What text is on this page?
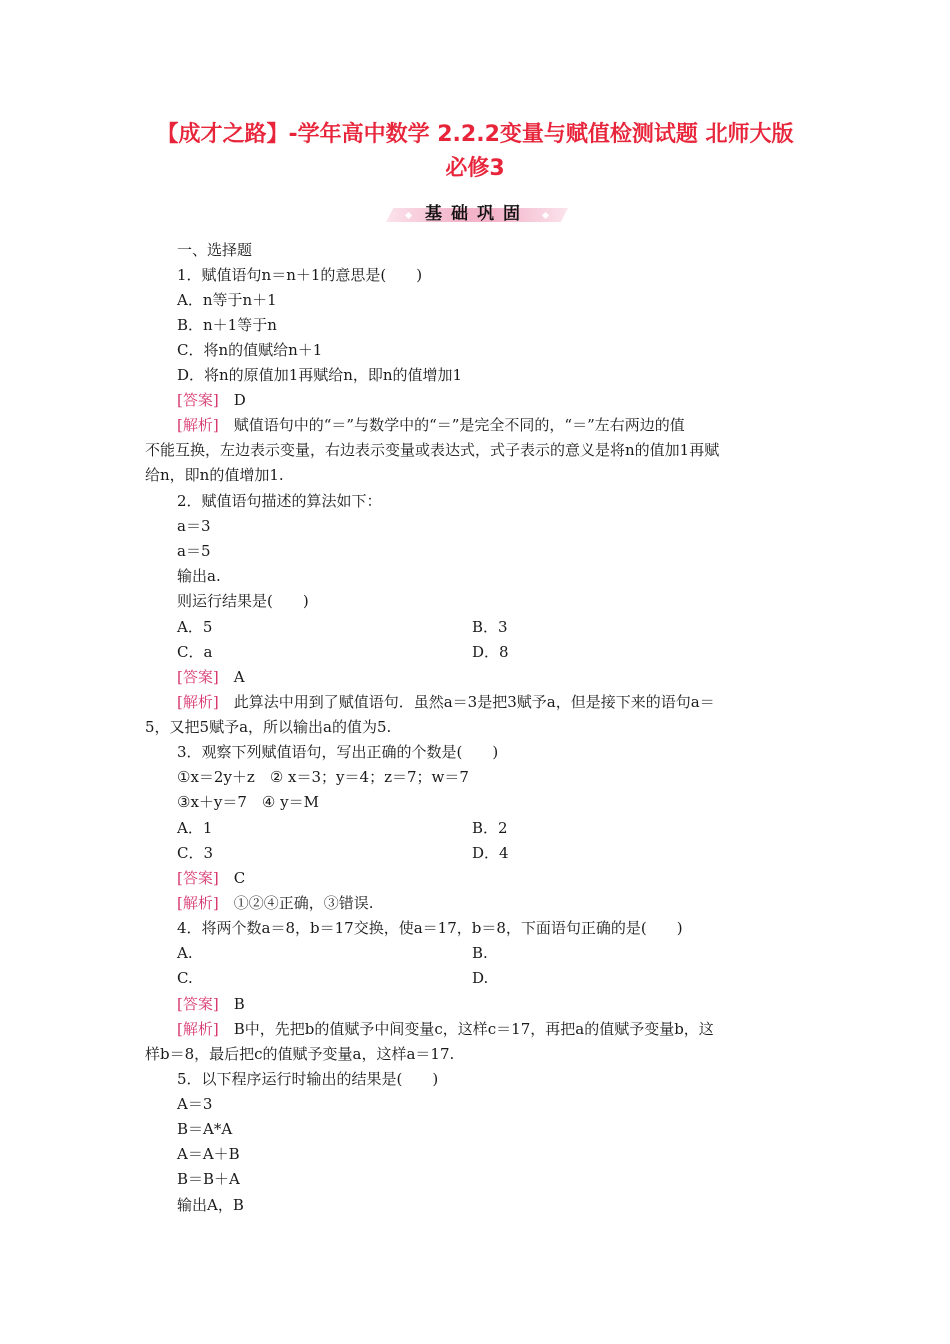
【成才之路】-学年高中数学 2.2.2变量与赋值检测试题 北师大版
必修3
基础巩固
一、选择题
1．赋值语句n＝n＋1的意思是(　　)
A．n等于n＋1
B．n＋1等于n
C．将n的值赋给n＋1
D．将n的原值加1再赋给n，即n的值增加1
[答案]　 D
[解析]　 赋值语句中的“＝”与数学中的“＝”是完全不同的，“＝”左右两边的值
不能互换，左边表示变量，右边表示变量或表达式，式子表示的意义是将n的值加1再赋
给n，即n的值增加1.
2．赋值语句描述的算法如下：
a＝3
a＝5
输出a.
则运行结果是(　　)
A．5	B．3
C．a	D．8
[答案]　 A
[解析]　 此算法中用到了赋值语句．虽然a＝3是把3赋予a，但是接下来的语句a＝
5，又把5赋予a，所以输出a的值为5.
3．观察下列赋值语句，写出正确的个数是(　　)
①x＝2y＋z　② x＝3；y＝4；z＝7；w＝7
③x＋y＝7　④ y＝M
A．1	B．2
C．3	D．4
[答案]　 C
[解析]　 ①②④正确，③错误.
4．将两个数a＝8，b＝17交换，使a＝17，b＝8，下面语句正确的是(　　)
A.	B.
C.	D.
[答案]　 B
[解析]　 B中，先把b的值赋予中间变量c，这样c＝17，再把a的值赋予变量b，这
样b＝8，最后把c的值赋予变量a，这样a＝17.
5．以下程序运行时输出的结果是(　　)
A＝3
B＝A*A
A＝A＋B
B＝B＋A
输出A，B
